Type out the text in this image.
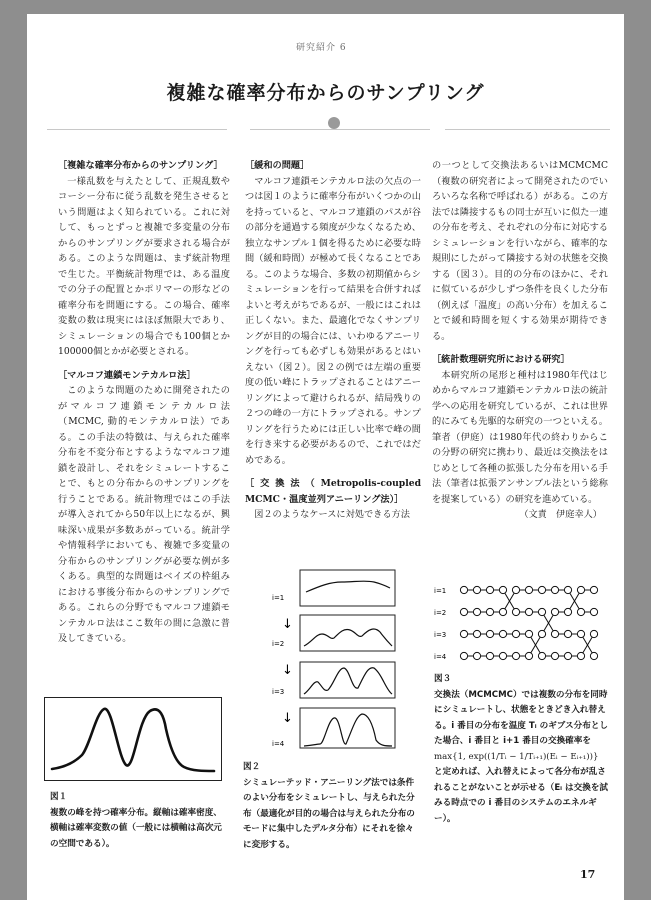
研究紹介 6
複雑な確率分布からのサンプリング

［複雑な確率分布からのサンプリング］

一様乱数を与えたとして、正規乱数やコーシー分布に従う乱数を発生させるという問題はよく知られている。これに対して、もっとずっと複雑で多変量の分布からのサンプリングが要求される場合がある。このような問題は、まず統計物理で生じた。平衡統計物理では、ある温度での分子の配置とかポリマーの形などの確率分布を問題にする。この場合、確率変数の数は現実にはほぼ無限大であり、シミュレーションの場合でも100個とか100000個とかが必要とされる。

［マルコフ連鎖モンテカルロ法］

このような問題のために開発されたのがマルコフ連鎖モンテカルロ法（MCMC, 動的モンテカルロ法）である。この手法の特徴は、与えられた確率分布を不変分布とするようなマルコフ連鎖を設計し、それをシミュレートすることで、もとの分布からのサンプリングを行うことである。統計物理ではこの手法が導入されてから50年以上になるが、興味深い成果が多数あがっている。統計学や情報科学においても、複雑で多変量の分布からのサンプリングが必要な例が多くある。典型的な問題はベイズの枠組みにおける事後分布からのサンプリングである。これらの分野でもマルコフ連鎖モンテカルロ法はここ数年の間に急激に普及してきている。

［緩和の問題］

マルコフ連鎖モンテカルロ法の欠点の一つは図１のように確率分布がいくつかの山を持っていると、マルコフ連鎖のパスが谷の部分を通過する頻度が少なくなるため、独立なサンプル１個を得るために必要な時間（緩和時間）が極めて長くなることである。このような場合、多数の初期値からシミュレーションを行って結果を合併すればよいと考えがちであるが、一般にはこれは正しくない。また、最適化でなくサンプリングが目的の場合には、いわゆるアニーリングを行っても必ずしも効果があるとはいえない（図２）。図２の例では左端の重要度の低い峰にトラップされることはアニーリングによって避けられるが、結局残りの２つの峰の一方にトラップされる。サンプリングを行うためには正しい比率で峰の間を行き来する必要があるので、これではだめである。

［交換法（Metropolis-coupled MCMC・温度並列アニーリング法）］

図２のようなケースに対処できる方法

の一つとして交換法あるいはMCMCMC（複数の研究者によって開発されたのでいろいろな名称で呼ばれる）がある。この方法では隣接するもの同士が互いに似た一連の分布を考え、それぞれの分布に対応するシミュレーションを行いながら、確率的な規則にしたがって隣接する対の状態を交換する（図３）。目的の分布のほかに、それに似ているが少しずつ条件を良くした分布（例えば「温度」の高い分布）を加えることで緩和時間を短くする効果が期待できる。

［統計数理研究所における研究］

本研究所の尾形と種村は1980年代はじめからマルコフ連鎖モンテカルロ法の統計学への応用を研究しているが、これは世界的にみても先駆的な研究の一つといえる。筆者（伊庭）は1980年代の終わりからこの分野の研究に携わり、最近は交換法をはじめとして各種の拡張した分布を用いる手法（筆者は拡張アンサンブル法という総称を提案している）の研究を進めている。

（文責　伊庭幸人）

図１
複数の峰を持つ確率分布。縦軸は確率密度、横軸は確率変数の値（一般には横軸は高次元の空間である）。
i=1
↓
i=2
↓
i=3
↓
i=4
図２
シミュレーテッド・アニーリング法では条件のよい分布をシミュレートし、与えられた分布（最適化が目的の場合は与えられた分布のモードに集中したデルタ分布）にそれを徐々に変形する。
i=1
i=2
i=3
i=4
図３
交換法（MCMCMC）では複数の分布を同時にシミュレートし、状態をときどき入れ替える。i 番目の分布を温度 Tᵢ のギブス分布とした場合、i 番目と i+1 番目の交換確率を
max{1, exp((1/Tᵢ − 1/Tᵢ₊₁)(Eᵢ − Eᵢ₊₁))}
と定めれば、入れ替えによって各分布が乱されることがないことが示せる（Eᵢ は交換を試みる時点での i 番目のシステムのエネルギー）。
17
